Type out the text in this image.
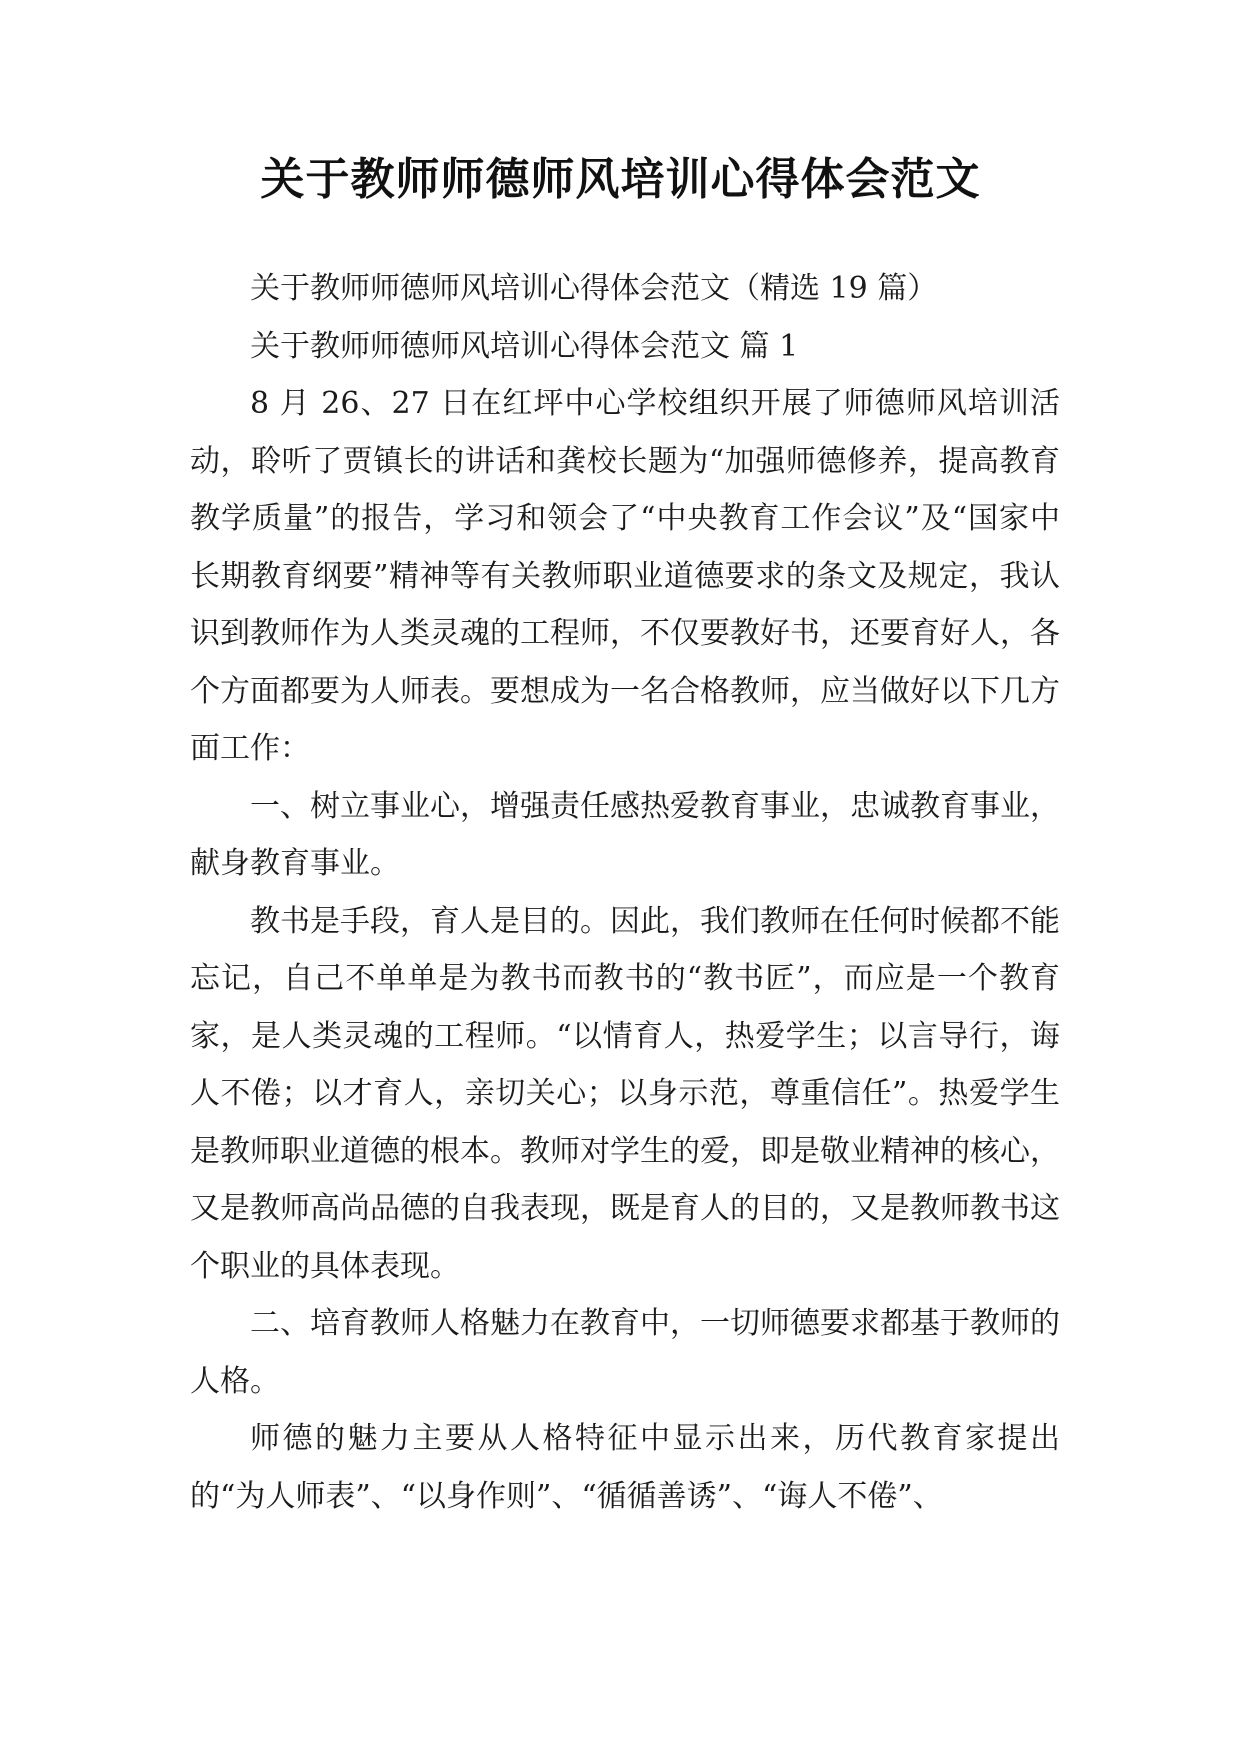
关于教师师德师风培训心得体会范文

关于教师师德师风培训心得体会范文（精选 19 篇）

关于教师师德师风培训心得体会范文 篇 1

8 月 26、27 日在红坪中心学校组织开展了师德师风培训活动，聆听了贾镇长的讲话和龚校长题为“加强师德修养，提高教育教学质量”的报告，学习和领会了“中央教育工作会议”及“国家中长期教育纲要”精神等有关教师职业道德要求的条文及规定，我认识到教师作为人类灵魂的工程师，不仅要教好书，还要育好人，各个方面都要为人师表。要想成为一名合格教师，应当做好以下几方面工作：

一、树立事业心，增强责任感热爱教育事业，忠诚教育事业，献身教育事业。

教书是手段，育人是目的。因此，我们教师在任何时候都不能忘记，自己不单单是为教书而教书的“教书匠”，而应是一个教育家，是人类灵魂的工程师。“以情育人，热爱学生；以言导行，诲人不倦；以才育人，亲切关心；以身示范，尊重信任”。热爱学生是教师职业道德的根本。教师对学生的爱，即是敬业精神的核心，又是教师高尚品德的自我表现，既是育人的目的，又是教师教书这个职业的具体表现。

二、培育教师人格魅力在教育中，一切师德要求都基于教师的人格。

师德的魅力主要从人格特征中显示出来，历代教育家提出的“为人师表”、“以身作则”、“循循善诱”、“诲人不倦”、
